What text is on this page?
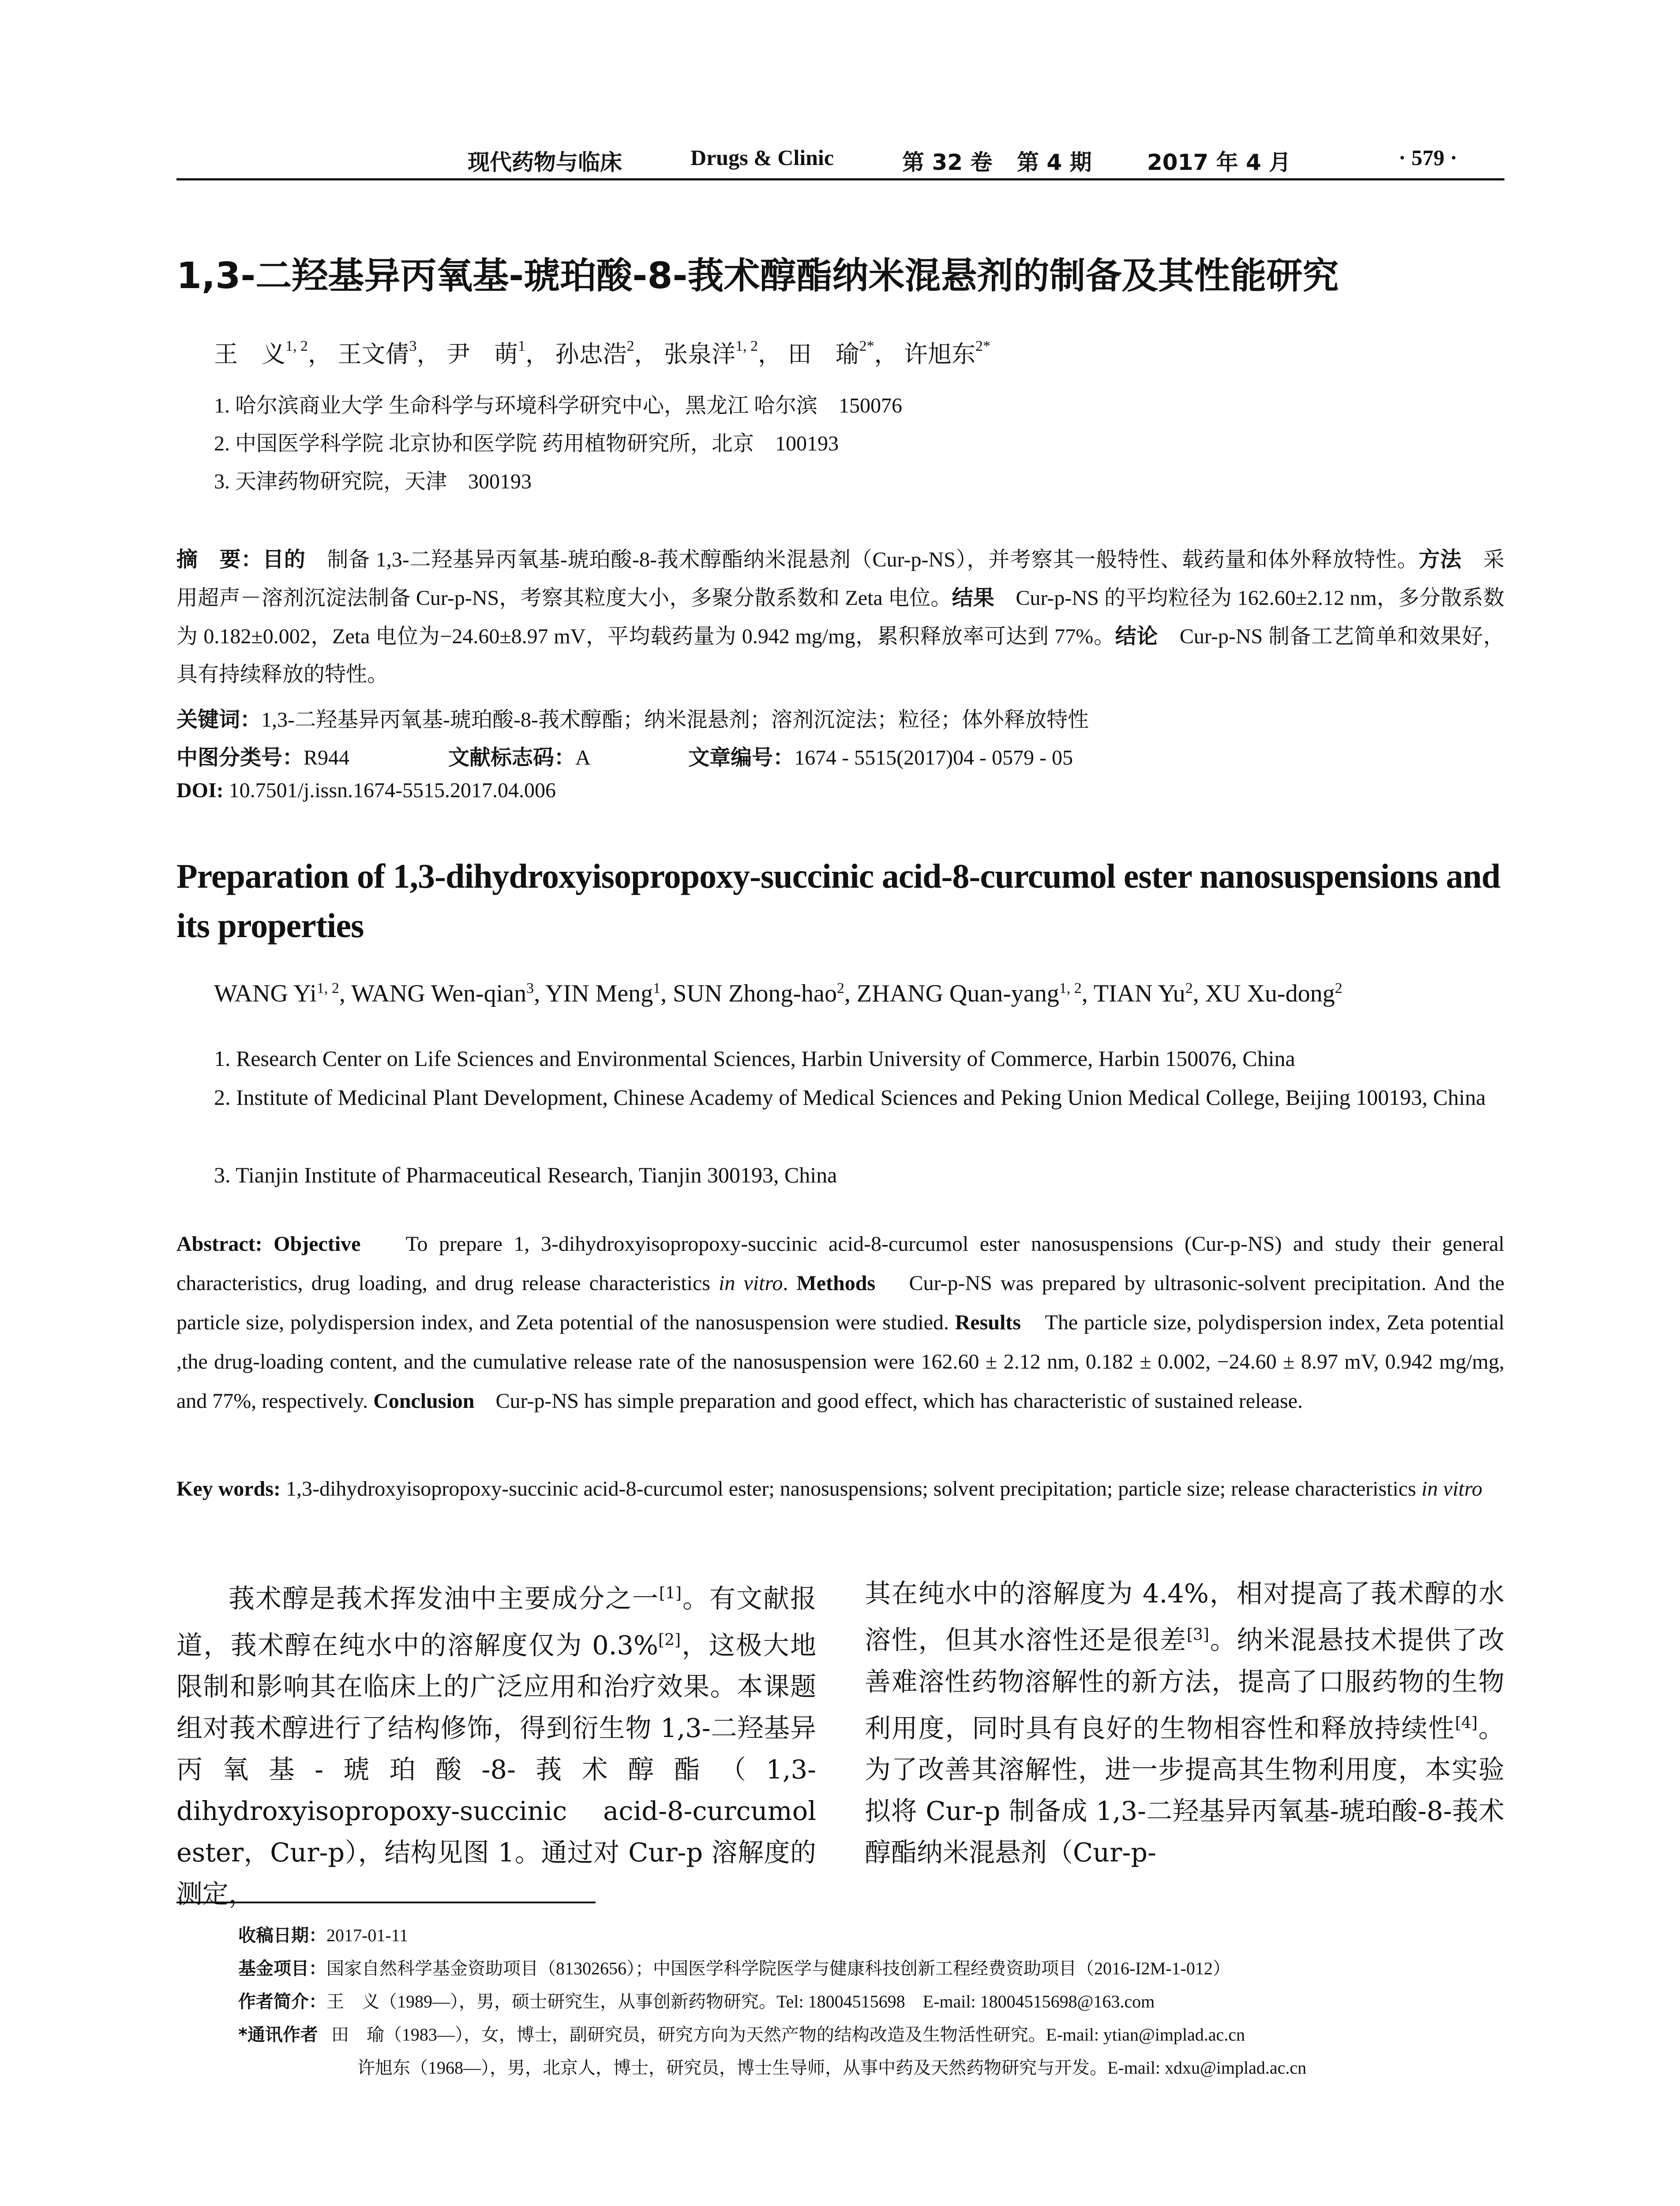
现代药物与临床	Drugs & Clinic	第 32 卷 第 4 期	2017 年 4 月	· 579 ·
1,3-二羟基异丙氧基-琥珀酸-8-莪术醇酯纳米混悬剂的制备及其性能研究
王　义$^{1, 2}$， 王文倩$^3$， 尹　萌$^1$， 孙忠浩$^2$， 张泉洋$^{1, 2}$， 田　瑜$^{2*}$， 许旭东$^{2*}$
1. 哈尔滨商业大学 生命科学与环境科学研究中心，黑龙江 哈尔滨　150076
2. 中国医学科学院 北京协和医学院 药用植物研究所，北京　100193
3. 天津药物研究院，天津　300193
摘　要：目的　 制备 1,3-二羟基异丙氧基-琥珀酸-8-莪术醇酯纳米混悬剂（Cur-p-NS），并考察其一般特性、载药量和体外释放特性。方法　 采用超声－溶剂沉淀法制备 Cur-p-NS，考察其粒度大小，多聚分散系数和 Zeta 电位。结果　 Cur-p-NS 的平均粒径为 162.60±2.12 nm，多分散系数为 0.182±0.002，Zeta 电位为−24.60±8.97 mV，平均载药量为 0.942 mg/mg，累积释放率可达到 77%。结论　 Cur-p-NS 制备工艺简单和效果好，具有持续释放的特性。
关键词：1,3-二羟基异丙氧基-琥珀酸-8-莪术醇酯；纳米混悬剂；溶剂沉淀法；粒径；体外释放特性
中图分类号：R944	文献标志码：A	文章编号：1674 - 5515(2017)04 - 0579 - 05
DOI: 10.7501/j.issn.1674-5515.2017.04.006
Preparation of 1,3-dihydroxyisopropoxy-succinic acid-8-curcumol ester nanosuspensions and its properties
WANG Yi$^{1, 2}$, WANG Wen-qian$^3$, YIN Meng$^1$, SUN Zhong-hao$^2$, ZHANG Quan-yang$^{1, 2}$, TIAN Yu$^2$, XU Xu-dong$^2$
1. Research Center on Life Sciences and Environmental Sciences, Harbin University of Commerce, Harbin 150076, China
2. Institute of Medicinal Plant Development, Chinese Academy of Medical Sciences and Peking Union Medical College, Beijing 100193, China
3. Tianjin Institute of Pharmaceutical Research, Tianjin 300193, China
Abstract: Objective To prepare 1, 3-dihydroxyisopropoxy-succinic acid-8-curcumol ester nanosuspensions (Cur-p-NS) and study their general characteristics, drug loading, and drug release characteristics in vitro. Methods Cur-p-NS was prepared by ultrasonic-solvent precipitation. And the particle size, polydispersion index, and Zeta potential of the nanosuspension were studied. Results The particle size, polydispersion index, Zeta potential ,the drug-loading content, and the cumulative release rate of the nanosuspension were 162.60 ± 2.12 nm, 0.182 ± 0.002, −24.60 ± 8.97 mV, 0.942 mg/mg, and 77%, respectively. Conclusion Cur-p-NS has simple preparation and good effect, which has characteristic of sustained release.
Key words: 1,3-dihydroxyisopropoxy-succinic acid-8-curcumol ester; nanosuspensions; solvent precipitation; particle size; release characteristics in vitro
莪术醇是莪术挥发油中主要成分之一[1]。有文献报道，莪术醇在纯水中的溶解度仅为 0.3%[2]，这极大地限制和影响其在临床上的广泛应用和治疗效果。本课题组对莪术醇进行了结构修饰，得到衍生物 1,3-二羟基异丙氧基-琥珀酸-8-莪术醇酯（1,3-dihydroxyisopropoxy-succinic acid-8-curcumol ester，Cur-p），结构见图 1。通过对 Cur-p 溶解度的测定，
其在纯水中的溶解度为 4.4%，相对提高了莪术醇的水溶性，但其水溶性还是很差[3]。纳米混悬技术提供了改善难溶性药物溶解性的新方法，提高了口服药物的生物利用度，同时具有良好的生物相容性和释放持续性[4]。为了改善其溶解性，进一步提高其生物利用度，本实验拟将 Cur-p 制备成 1,3-二羟基异丙氧基-琥珀酸-8-莪术醇酯纳米混悬剂（Cur-p-
收稿日期：2017-01-11
基金项目：国家自然科学基金资助项目（81302656）；中国医学科学院医学与健康科技创新工程经费资助项目（2016-I2M-1-012）
作者简介：王　义（1989—），男，硕士研究生，从事创新药物研究。Tel: 18004515698　E-mail: 18004515698@163.com
*通讯作者 田　瑜（1983—），女，博士，副研究员，研究方向为天然产物的结构改造及生物活性研究。E-mail: ytian@implad.ac.cn
许旭东（1968—），男，北京人，博士，研究员，博士生导师，从事中药及天然药物研究与开发。E-mail: xdxu@implad.ac.cn
